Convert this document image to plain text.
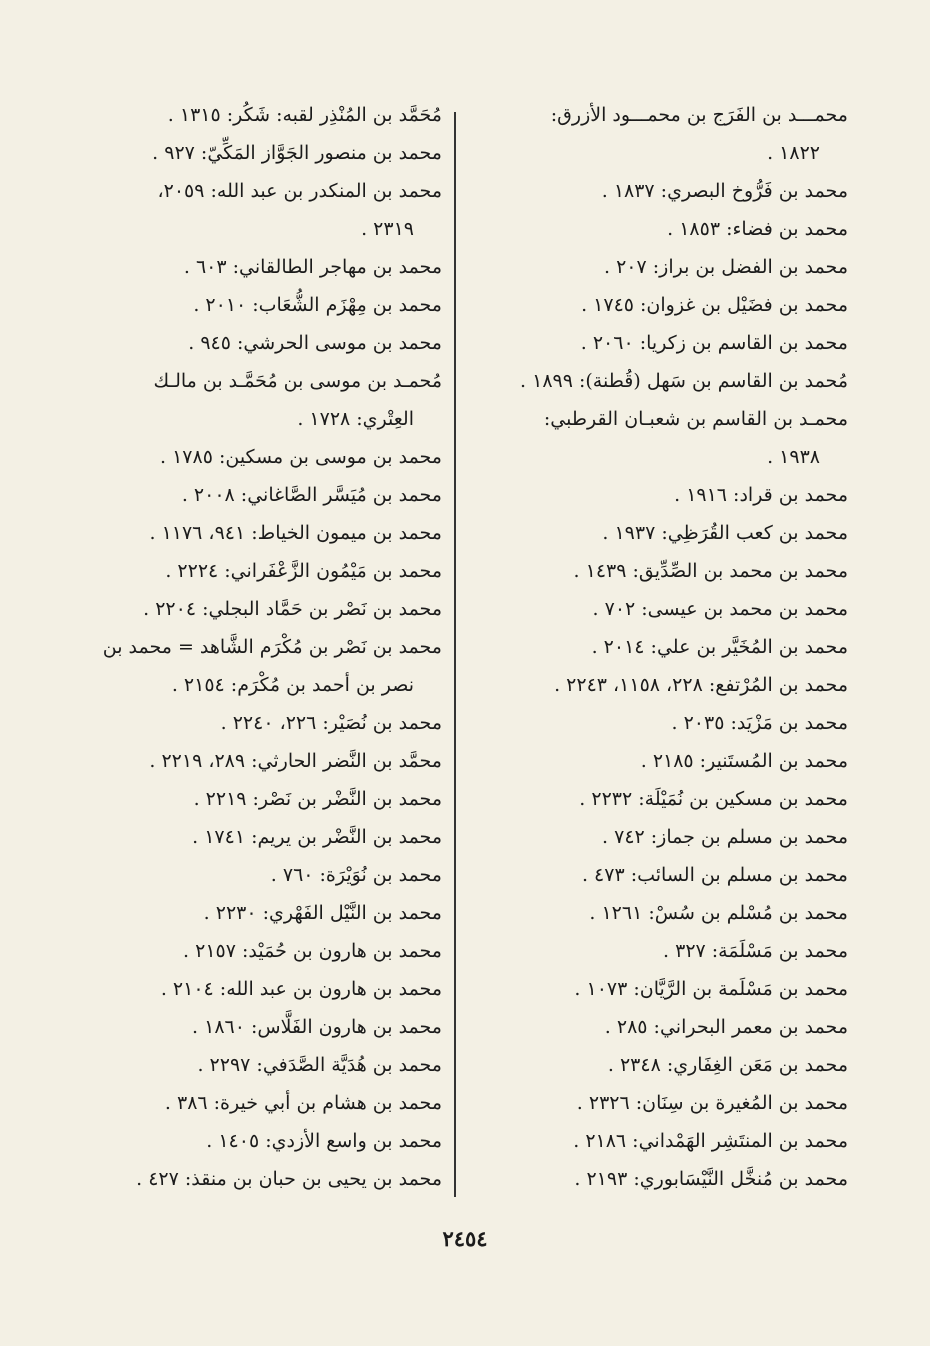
محمـــد بن الفَرَج بن محمـــود الأزرق:
١٨٢٢ .
محمد بن فَرُّوخ البصري: ١٨٣٧ .
محمد بن فضاء: ١٨٥٣ .
محمد بن الفضل بن براز: ٢٠٧ .
محمد بن فضَيْل بن غزوان: ١٧٤٥ .
محمد بن القاسم بن زكريا: ٢٠٦٠ .
مُحمد بن القاسم بن سَهل (قُطنة): ١٨٩٩ .
محمـد بن القاسم بن شعبـان القرطبي:
١٩٣٨ .
محمد بن قراد: ١٩١٦ .
محمد بن كعب القُرَظِي: ١٩٣٧ .
محمد بن محمد بن الصِّدِّيق: ١٤٣٩ .
محمد بن محمد بن عيسى: ٧٠٢ .
محمد بن المُخَيَّر بن علي: ٢٠١٤ .
محمد بن المُرْتفع: ٢٢٨، ١١٥٨، ٢٢٤٣ .
محمد بن مَزْيَد: ٢٠٣٥ .
محمد بن المُستَنير: ٢١٨٥ .
محمد بن مسكين بن نُمَيْلَة: ٢٢٣٢ .
محمد بن مسلم بن جماز: ٧٤٢ .
محمد بن مسلم بن السائب: ٤٧٣ .
محمد بن مُسْلم بن سُسْ: ١٢٦١ .
محمد بن مَسْلَمَة: ٣٢٧ .
محمد بن مَسْلَمة بن الرَّيَّان: ١٠٧٣ .
محمد بن معمر البحراني: ٢٨٥ .
محمد بن مَعَن الغِفَاري: ٢٣٤٨ .
محمد بن المُغيرة بن سِنَان: ٢٣٢٦ .
محمد بن المنتَشِر الهَمْداني: ٢١٨٦ .
محمد بن مُنخَّل النَّيْسَابوري: ٢١٩٣ .
مُحَمَّد بن المُنْذِر لقبه: شَكُر: ١٣١٥ .
محمد بن منصور الجَوَّاز المَكِّيّ: ٩٢٧ .
محمد بن المنكدر بن عبد الله: ٢٠٥٩،
٢٣١٩ .
محمد بن مهاجر الطالقاني: ٦٠٣ .
محمد بن مِهْزَم الشُّعَاب: ٢٠١٠ .
محمد بن موسى الحرشي: ٩٤٥ .
مُحمـد بن موسى بن مُحَمَّـد بن مالـك
العِتْري: ١٧٢٨ .
محمد بن موسى بن مسكين: ١٧٨٥ .
محمد بن مُيَسَّر الصَّاغاني: ٢٠٠٨ .
محمد بن ميمون الخياط: ٩٤١، ١١٧٦ .
محمد بن مَيْمُون الزَّعْفَراني: ٢٢٢٤ .
محمد بن نَصْر بن حَمَّاد البجلي: ٢٢٠٤ .
محمد بن نَصْر بن مُكْرَم الشَّاهد = محمد بن
نصر بن أحمد بن مُكْرَم: ٢١٥٤ .
محمد بن نُصَيْر: ٢٢٦، ٢٢٤٠ .
محمَّد بن النَّضر الحارثي: ٢٨٩، ٢٢١٩ .
محمد بن النَّضْر بن نَصْر: ٢٢١٩ .
محمد بن النَّضْر بن يريم: ١٧٤١ .
محمد بن نُوَيْرَة: ٧٦٠ .
محمد بن النَّيْل الفَهْري: ٢٢٣٠ .
محمد بن هارون بن حُمَيْد: ٢١٥٧ .
محمد بن هارون بن عبد الله: ٢١٠٤ .
محمد بن هارون الفَلَّاس: ١٨٦٠ .
محمد بن هُدَيَّة الصَّدَفي: ٢٢٩٧ .
محمد بن هشام بن أبي خيرة: ٣٨٦ .
محمد بن واسع الأزدي: ١٤٠٥ .
محمد بن يحيى بن حبان بن منقذ: ٤٢٧ .
٢٤٥٤
